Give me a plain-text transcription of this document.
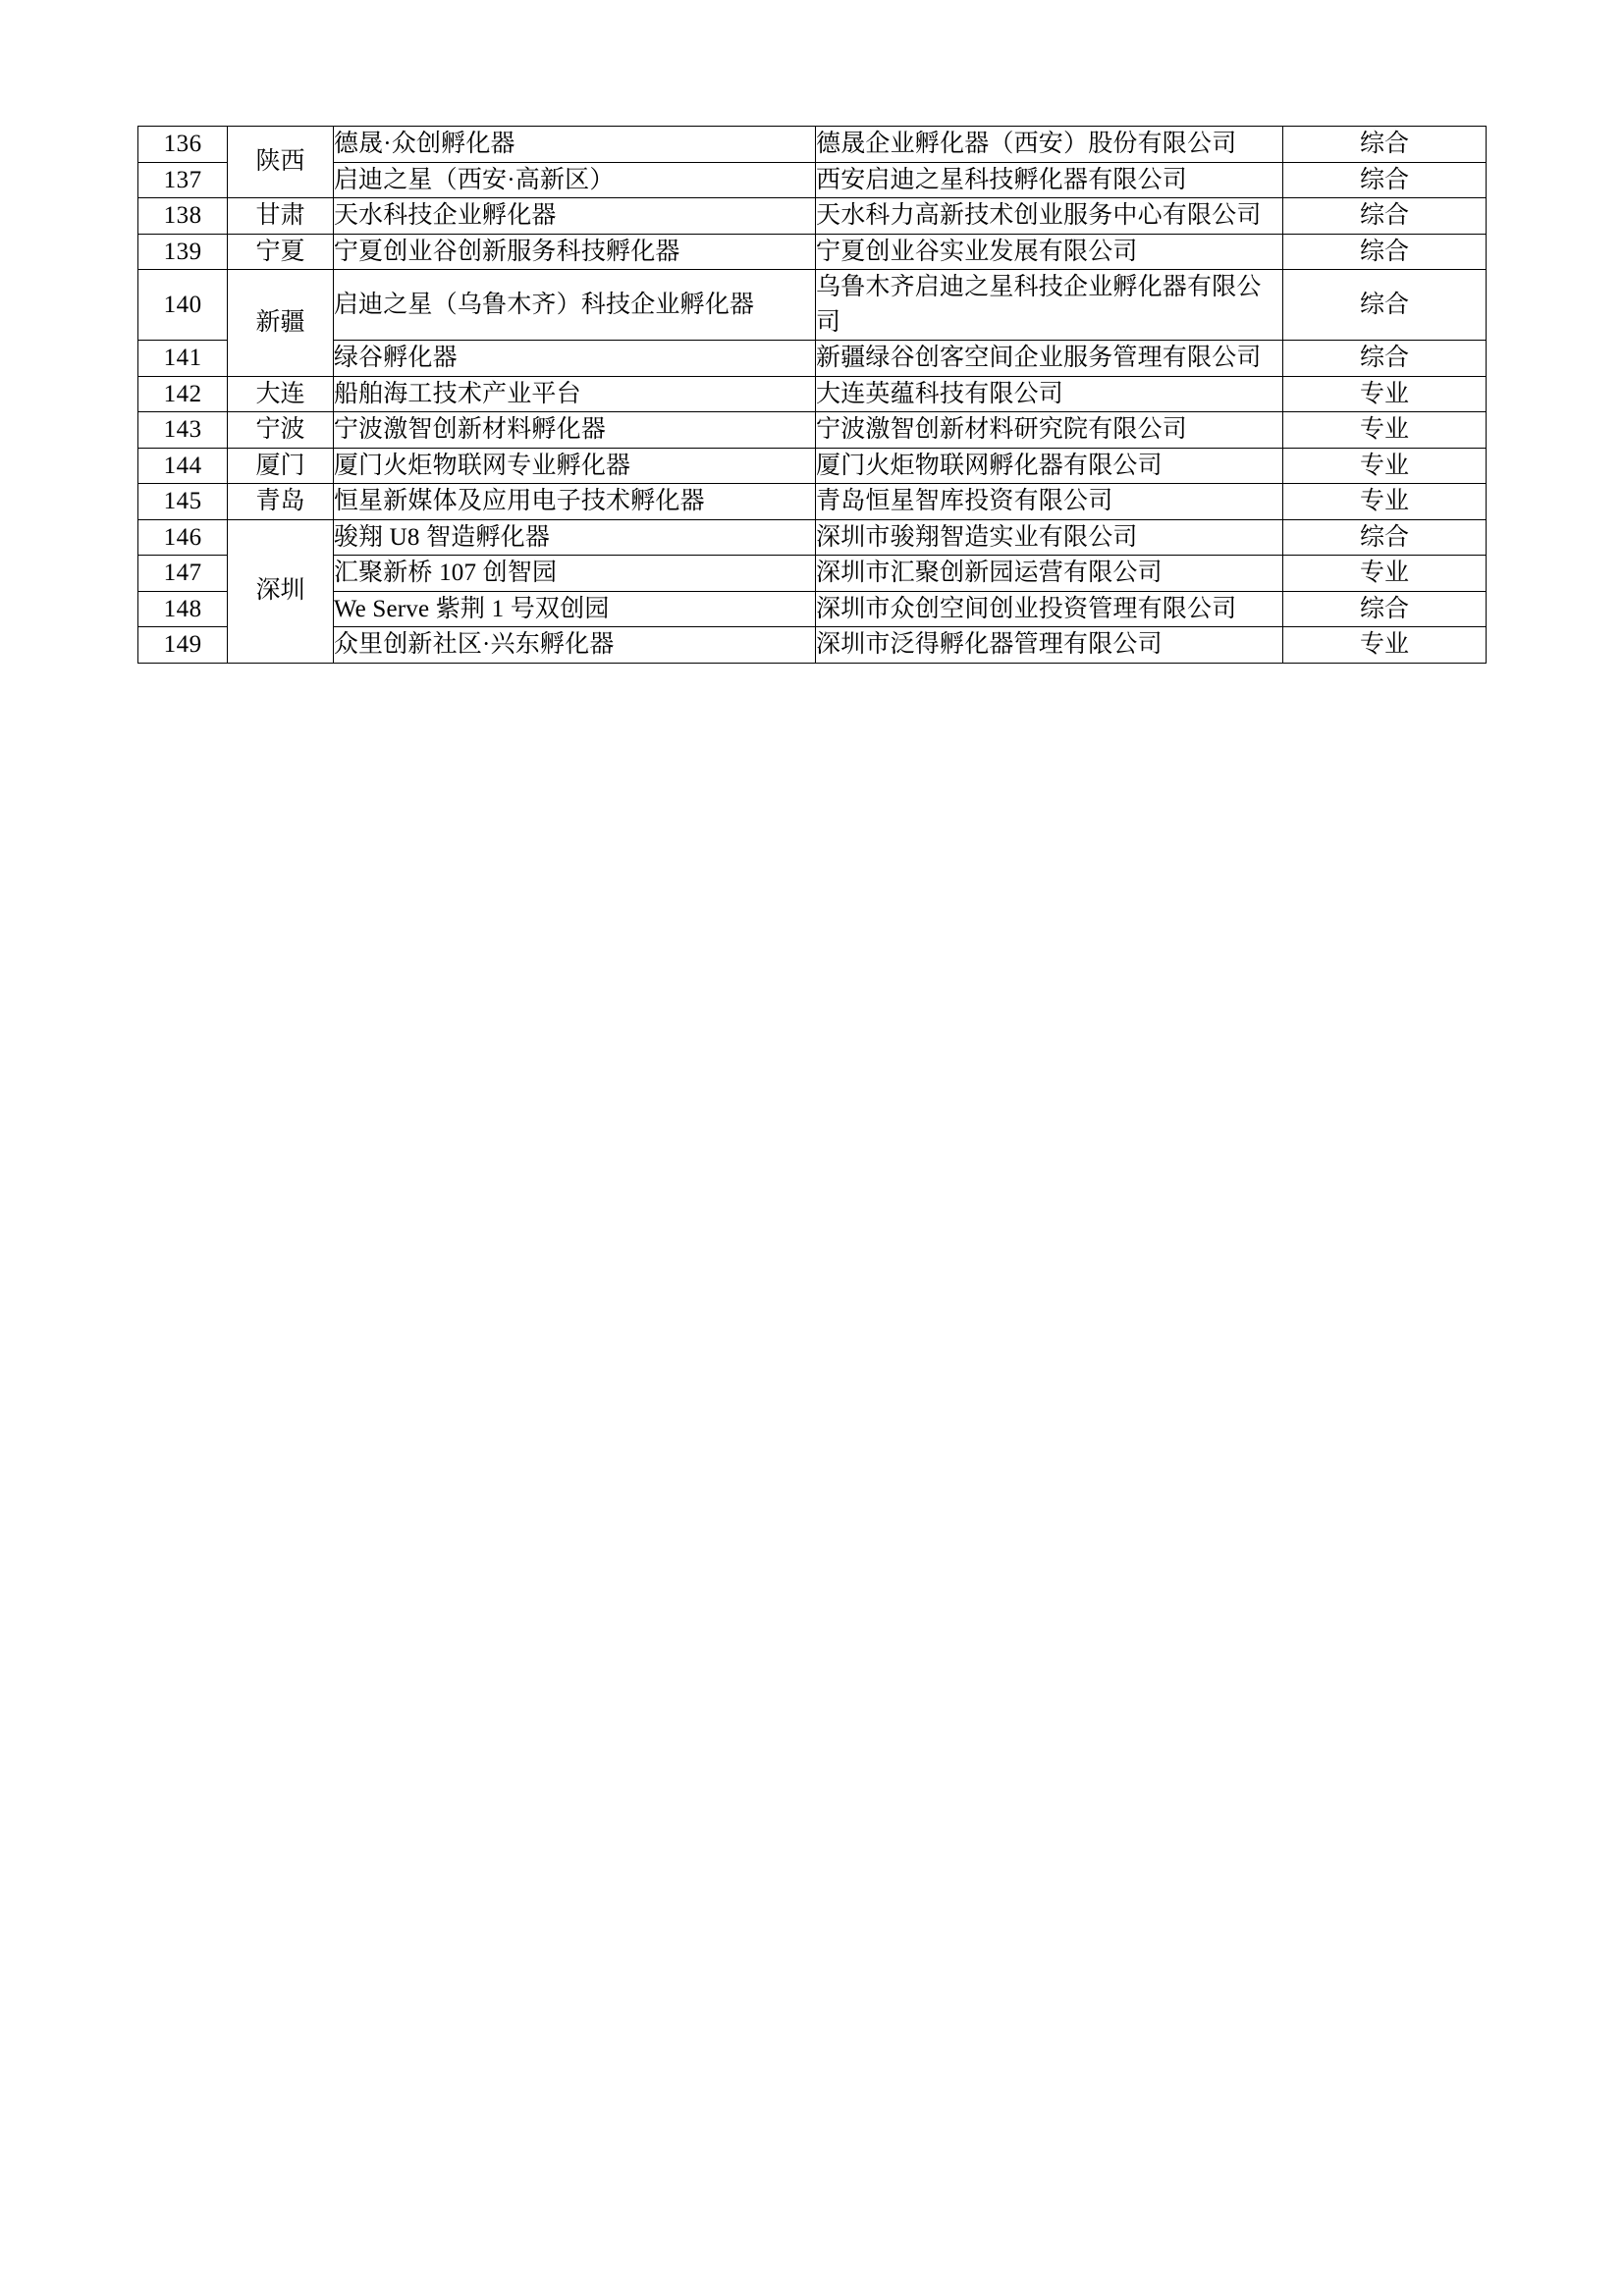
136	陕西	德晟·众创孵化器	德晟企业孵化器（西安）股份有限公司	综合
137		启迪之星（西安·高新区）	西安启迪之星科技孵化器有限公司	综合
138	甘肃	天水科技企业孵化器	天水科力高新技术创业服务中心有限公司	综合
139	宁夏	宁夏创业谷创新服务科技孵化器	宁夏创业谷实业发展有限公司	综合
140	新疆	启迪之星（乌鲁木齐）科技企业孵化器	乌鲁木齐启迪之星科技企业孵化器有限公司	综合
141		绿谷孵化器	新疆绿谷创客空间企业服务管理有限公司	综合
142	大连	船舶海工技术产业平台	大连英蕴科技有限公司	专业
143	宁波	宁波激智创新材料孵化器	宁波激智创新材料研究院有限公司	专业
144	厦门	厦门火炬物联网专业孵化器	厦门火炬物联网孵化器有限公司	专业
145	青岛	恒星新媒体及应用电子技术孵化器	青岛恒星智库投资有限公司	专业
146	深圳	骏翔 U8 智造孵化器	深圳市骏翔智造实业有限公司	综合
147		汇聚新桥 107 创智园	深圳市汇聚创新园运营有限公司	专业
148		We Serve 紫荆 1 号双创园	深圳市众创空间创业投资管理有限公司	综合
149		众里创新社区·兴东孵化器	深圳市泛得孵化器管理有限公司	专业
